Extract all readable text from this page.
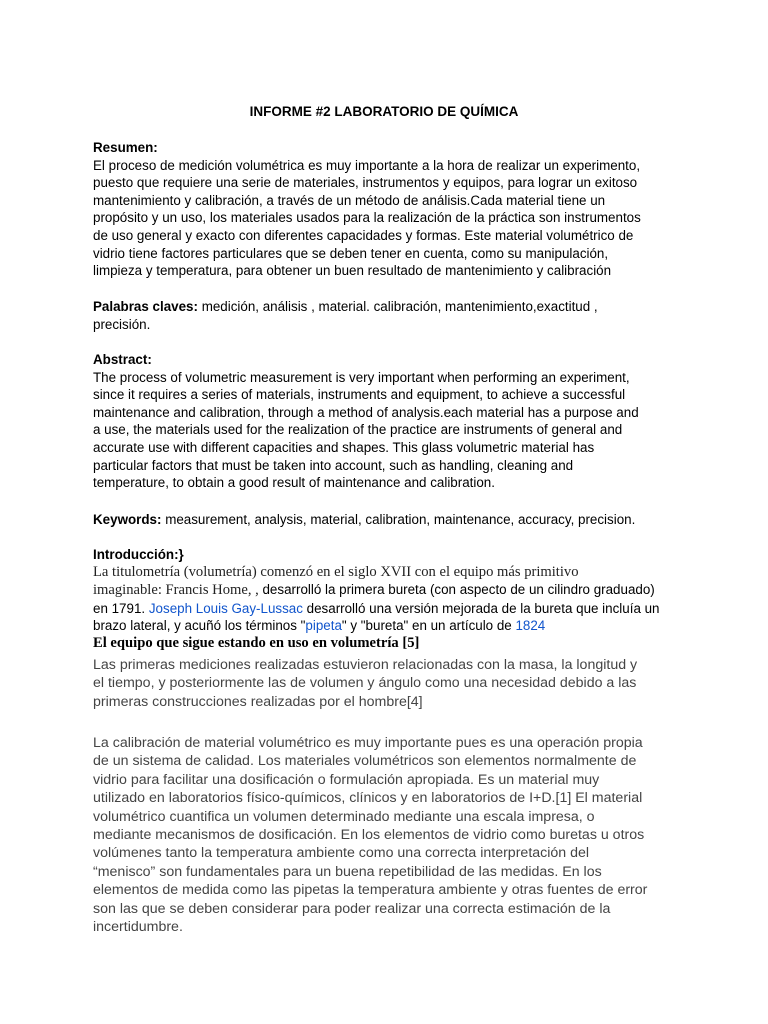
INFORME #2 LABORATORIO DE QUÍMICA
Resumen:
El proceso de medición volumétrica es muy importante a la hora de realizar un experimento,
puesto que requiere una serie de materiales, instrumentos y equipos, para lograr un exitoso
mantenimiento y calibración, a través de un método de análisis.Cada material tiene un
propósito y un uso, los materiales usados para la realización de la práctica son instrumentos
de uso general y exacto con diferentes capacidades y formas. Este material volumétrico de
vidrio tiene factores particulares que se deben tener en cuenta, como su manipulación,
limpieza y temperatura, para obtener un buen resultado de mantenimiento y calibración
Palabras claves: medición, análisis , material. calibración, mantenimiento,exactitud ,
precisión.
Abstract:
The process of volumetric measurement is very important when performing an experiment,
since it requires a series of materials, instruments and equipment, to achieve a successful
maintenance and calibration, through a method of analysis.each material has a purpose and
a use, the materials used for the realization of the practice are instruments of general and
accurate use with different capacities and shapes. This glass volumetric material has
particular factors that must be taken into account, such as handling, cleaning and
temperature, to obtain a good result of maintenance and calibration.
Keywords: measurement, analysis, material, calibration, maintenance, accuracy, precision.
Introducción:}
La titulometría (volumetría) comenzó en el siglo XVII con el equipo más primitivo
imaginable: Francis Home, , desarrolló la primera bureta (con aspecto de un cilindro graduado)
en 1791. Joseph Louis Gay-Lussac desarrolló una versión mejorada de la bureta que incluía un
brazo lateral, y acuñó los términos "pipeta" y "bureta" en un artículo de 1824
El equipo que sigue estando en uso en volumetría [5]
Las primeras mediciones realizadas estuvieron relacionadas con la masa, la longitud y
el tiempo, y posteriormente las de volumen y ángulo como una necesidad debido a las
primeras construcciones realizadas por el hombre[4]
La calibración de material volumétrico es muy importante pues es una operación propia
de un sistema de calidad. Los materiales volumétricos son elementos normalmente de
vidrio para facilitar una dosificación o formulación apropiada. Es un material muy
utilizado en laboratorios físico-químicos, clínicos y en laboratorios de I+D.[1] El material
volumétrico cuantifica un volumen determinado mediante una escala impresa, o
mediante mecanismos de dosificación. En los elementos de vidrio como buretas u otros
volúmenes tanto la temperatura ambiente como una correcta interpretación del
“menisco” son fundamentales para un buena repetibilidad de las medidas. En los
elementos de medida como las pipetas la temperatura ambiente y otras fuentes de error
son las que se deben considerar para poder realizar una correcta estimación de la
incertidumbre.
